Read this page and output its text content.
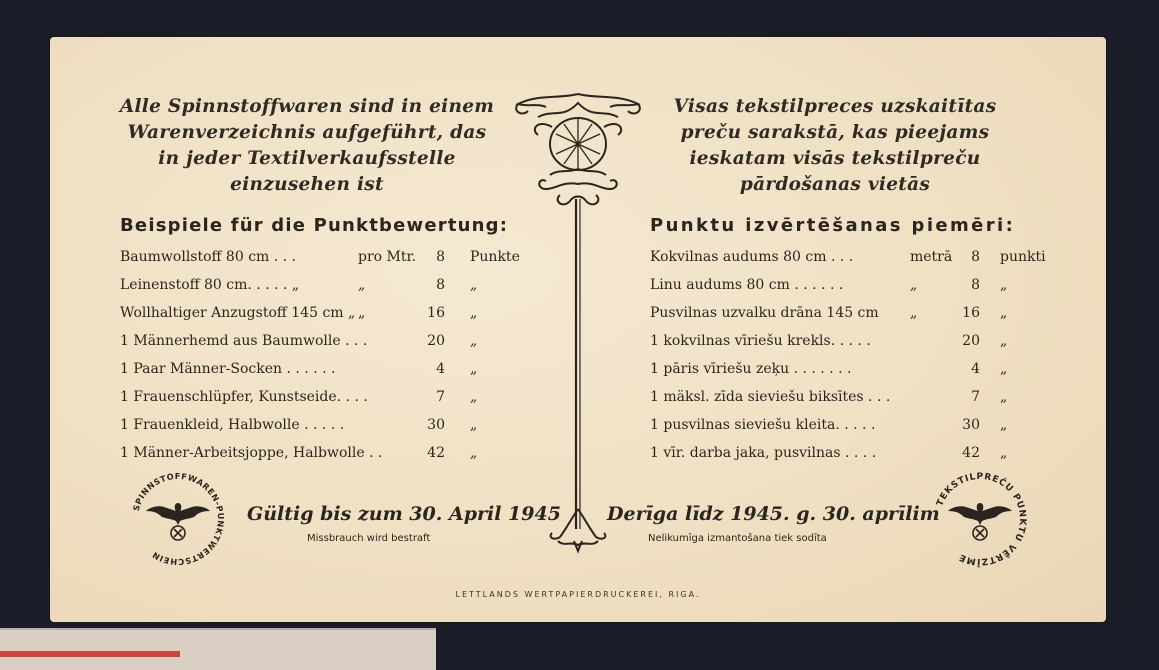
Alle Spinnstoffwaren sind in einem
Warenverzeichnis aufgeführt, das
in jeder Textilverkaufsstelle
einzusehen ist
Visas tekstilpreces uzskaitītas
preču sarakstā, kas pieejams
ieskatam visās tekstilpreču
pārdošanas vietās
Beispiele für die Punktbewertung:	Punktu izvērtēšanas piemēri:
Baumwollstoff 80 cm . . .	pro Mtr.	8 Punkte
Leinenstoff 80 cm. . . . . „	„	8 „
Wollhaltiger Anzugstoff 145 cm „ „	16 „
1 Männerhemd aus Baumwolle . . .	20 „
1 Paar Männer-Socken . . . . . .	4 „
1 Frauenschlüpfer, Kunstseide. . . .	7 „
1 Frauenkleid, Halbwolle . . . . .	30 „
1 Männer-Arbeitsjoppe, Halbwolle . .	42 „
Kokvilnas audums 80 cm . . .	metrā	8 punkti
Linu audums 80 cm . . . . . .	„	8 „
Pusvilnas uzvalku drāna 145 cm „	16 „
1 kokvilnas vīriešu krekls. . . . .	20 „
1 pāris vīriešu zeķu . . . . . . .	4 „
1 mäksl. zīda sieviešu biksītes . . .	7 „
1 pusvilnas sieviešu kleita. . . . .	30 „
1 vīr. darba jaka, pusvilnas . . . .	42 „
SPINNSTOFFWAREN-PUNKTWERTSCHEIN
TEKSTILPREČU PUNKTU VĒRTZĪME
Gültig bis zum 30. April 1945 Derīga līdz 1945. g. 30. aprīlim
Missbrauch wird bestraft	Nelikumīga izmantošana tiek sodīta
LETTLANDS WERTPAPIERDRUCKEREI, RIGA.
